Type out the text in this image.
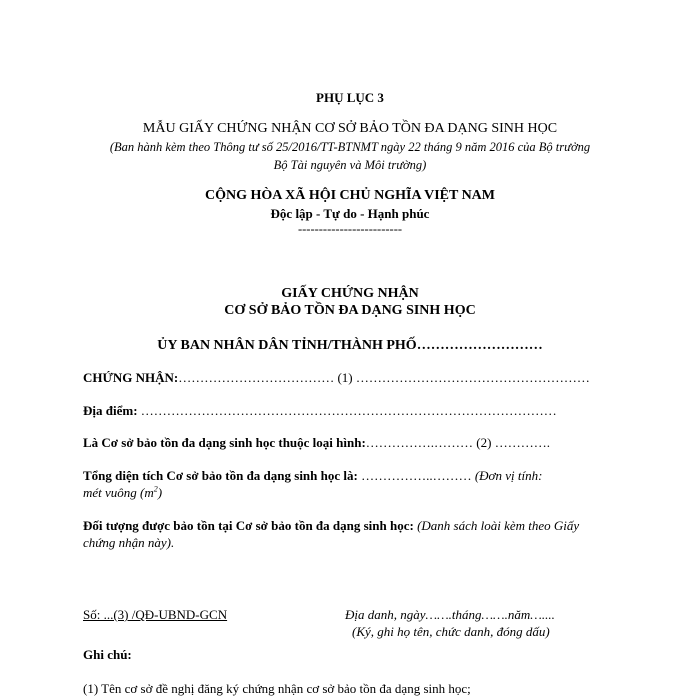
PHỤ LỤC 3
MẪU GIẤY CHỨNG NHẬN CƠ SỞ BẢO TỒN ĐA DẠNG SINH HỌC
(Ban hành kèm theo Thông tư số 25/2016/TT-BTNMT ngày 22 tháng 9 năm 2016 của Bộ trưởng
Bộ Tài nguyên và Môi trường)
CỘNG HÒA XÃ HỘI CHỦ NGHĨA VIỆT NAM
Độc lập - Tự do - Hạnh phúc
-------------------------
GIẤY CHỨNG NHẬN
CƠ SỞ BẢO TỒN ĐA DẠNG SINH HỌC
ỦY BAN NHÂN DÂN TỈNH/THÀNH PHỐ………………………
CHỨNG NHẬN:……………………………… (1) ………………………………………………
Địa điểm: ……………………………………………………………………………………
Là Cơ sở bảo tồn đa dạng sinh học thuộc loại hình:…………….……… (2) ………….
Tổng diện tích Cơ sở bảo tồn đa dạng sinh học là: ……………..……… (Đơn vị tính:
mét vuông $(m^2)$
Đối tượng được bảo tồn tại Cơ sở bảo tồn đa dạng sinh học: (Danh sách loài kèm theo Giấy
chứng nhận này).
Số: ...(3) /QĐ-UBND-GCN	Địa danh, ngày…….tháng…….năm…....
(Ký, ghi họ tên, chức danh, đóng dấu)
Ghi chú:
(1) Tên cơ sở đề nghị đăng ký chứng nhận cơ sở bảo tồn đa dạng sinh học;
